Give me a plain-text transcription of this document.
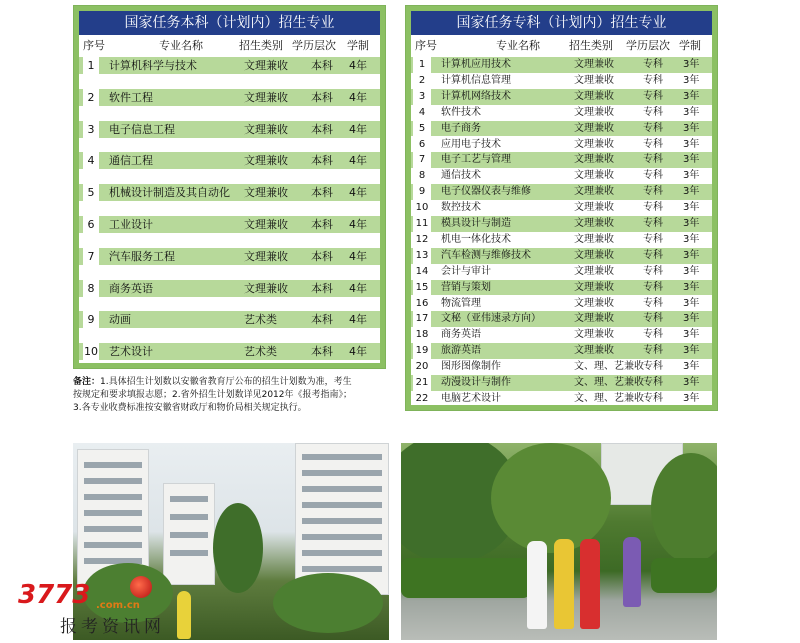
国家任务本科（计划内）招生专业
序号	专业名称	招生类别 学历层次 学制
1	计算机科学与技术	文理兼收	本科	4年
2	软件工程	文理兼收	本科	4年
3	电子信息工程	文理兼收	本科	4年
4	通信工程	文理兼收	本科	4年
5	机械设计制造及其自动化	文理兼收	本科	4年
6	工业设计	文理兼收	本科	4年
7	汽车服务工程	文理兼收	本科	4年
8	商务英语	文理兼收	本科	4年
9	动画	艺术类	本科	4年
10 艺术设计	艺术类	本科	4年
国家任务专科（计划内）招生专业
序号	专业名称	招生类别 学历层次 学制
1	计算机应用技术	文理兼收	专科	3年
2	计算机信息管理	文理兼收	专科	3年
3	计算机网络技术	文理兼收	专科	3年
4	软件技术	文理兼收	专科	3年
5	电子商务	文理兼收	专科	3年
6	应用电子技术	文理兼收	专科	3年
7	电子工艺与管理	文理兼收	专科	3年
8	通信技术	文理兼收	专科	3年
9	电子仪器仪表与维修	文理兼收	专科	3年
10 数控技术	文理兼收	专科	3年
11 模具设计与制造	文理兼收	专科	3年
12 机电一体化技术	文理兼收	专科	3年
13 汽车检测与维修技术	文理兼收	专科	3年
14 会计与审计	文理兼收	专科	3年
15 营销与策划	文理兼收	专科	3年
16 物流管理	文理兼收	专科	3年
17 文秘（亚伟速录方向）	文理兼收	专科	3年
18 商务英语	文理兼收	专科	3年
19 旅游英语	文理兼收	专科	3年
20 图形图像制作	文、理、艺兼收 专科	3年
21 动漫设计与制作	文、理、艺兼收 专科	3年
22 电脑艺术设计	文、理、艺兼收 专科	3年
备注：1.具体招生计划数以安徽省教育厅公布的招生计划数为准，考生
按规定和要求填报志愿；2.省外招生计划数详见2012年《报考指南》；
3.各专业收费标准按安徽省财政厅和物价局相关规定执行。
3773 .com.cn
报考资讯网
